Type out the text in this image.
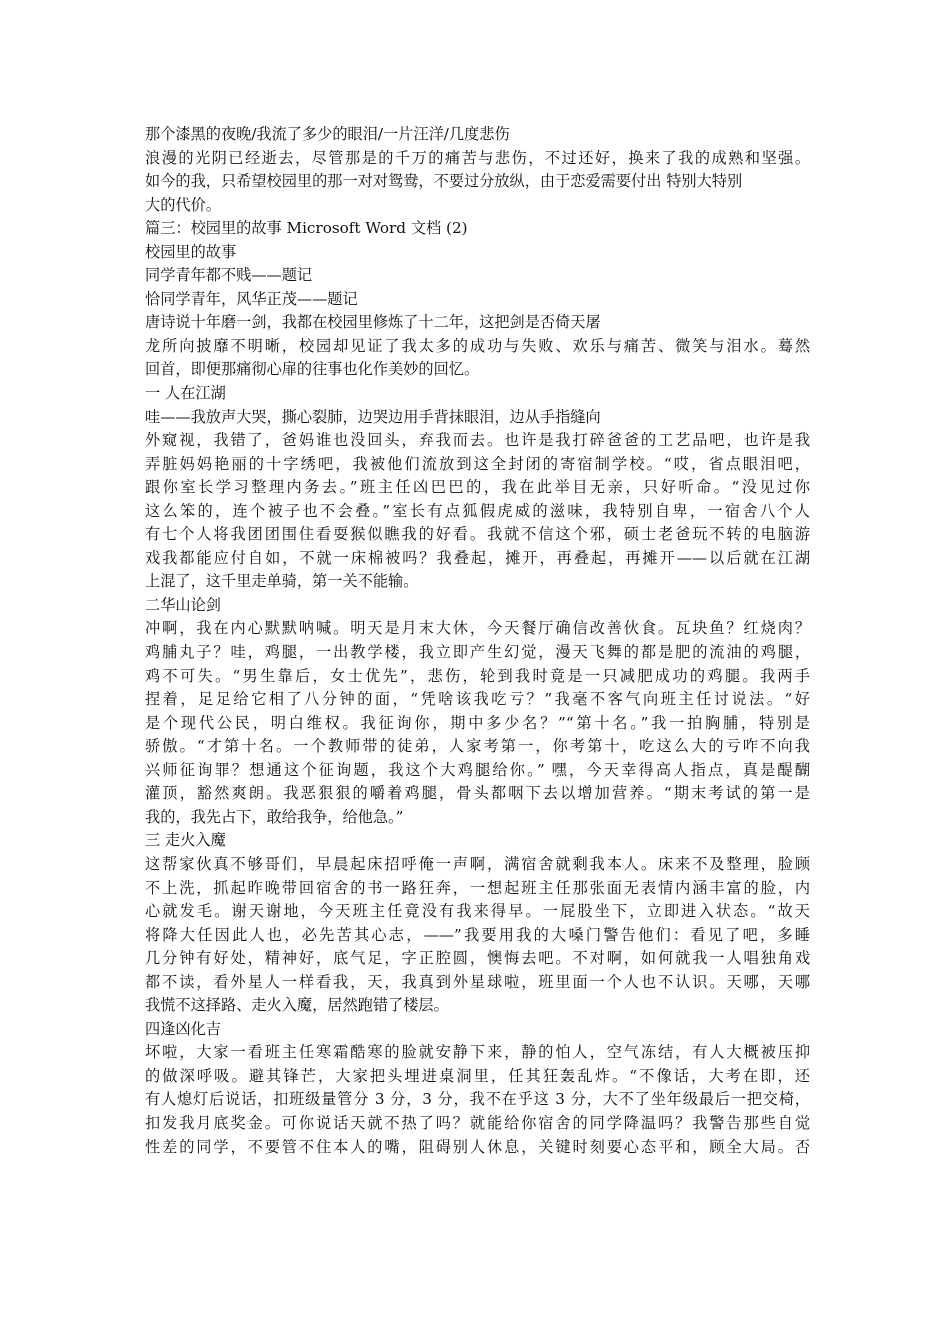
那个漆黑的夜晚/我流了多少的眼泪/一片汪洋/几度悲伤
浪漫的光阴已经逝去，尽管那是的千万的痛苦与悲伤，不过还好，换来了我的成熟和坚强。
如今的我，只希望校园里的那一对对鸳鸯，不要过分放纵，由于恋爱需要付出 特别大特别
大的代价。
篇三：校园里的故事 Microsoft Word 文档 (2)
校园里的故事
同学青年都不贱——题记
恰同学青年，风华正茂——题记
唐诗说十年磨一剑，我都在校园里修炼了十二年，这把剑是否倚天屠
龙所向披靡不明晰，校园却见证了我太多的成功与失败、欢乐与痛苦、微笑与泪水。蓦然
回首，即便那痛彻心扉的往事也化作美妙的回忆。
一 人在江湖
哇——我放声大哭，撕心裂肺，边哭边用手背抹眼泪，边从手指缝向
外窥视，我错了，爸妈谁也没回头，弃我而去。也许是我打碎爸爸的工艺品吧，也许是我
弄脏妈妈艳丽的十字绣吧，我被他们流放到这全封闭的寄宿制学校。“哎，省点眼泪吧，
跟你室长学习整理内务去。”班主任凶巴巴的，我在此举目无亲，只好听命。“没见过你
这么笨的，连个被子也不会叠。”室长有点狐假虎威的滋味，我特别自卑，一宿舍八个人
有七个人将我团团围住看耍猴似瞧我的好看。我就不信这个邪，硕士老爸玩不转的电脑游
戏我都能应付自如，不就一床棉被吗？我叠起，摊开，再叠起，再摊开——以后就在江湖
上混了，这千里走单骑，第一关不能输。
二华山论剑
冲啊，我在内心默默呐喊。明天是月末大休，今天餐厅确信改善伙食。瓦块鱼？红烧肉？
鸡脯丸子？哇，鸡腿，一出教学楼，我立即产生幻觉，漫天飞舞的都是肥的流油的鸡腿，
鸡不可失。“男生靠后，女士优先”，悲伤，轮到我时竟是一只减肥成功的鸡腿。我两手
捏着，足足给它相了八分钟的面，“凭啥该我吃亏？”我毫不客气向班主任讨说法。“好
是个现代公民，明白维权。我征询你，期中多少名？”“第十名。”我一拍胸脯，特别是
骄傲。“才第十名。一个教师带的徒弟，人家考第一，你考第十，吃这么大的亏咋不向我
兴师征询罪？想通这个征询题，我这个大鸡腿给你。” 嘿，今天幸得高人指点，真是醍醐
灌顶，豁然爽朗。我恶狠狠的嚼着鸡腿，骨头都咽下去以增加营养。“期末考试的第一是
我的，我先占下，敢给我争，给他急。”
三 走火入魔
这帮家伙真不够哥们，早晨起床招呼俺一声啊，满宿舍就剩我本人。床来不及整理，脸顾
不上洗，抓起昨晚带回宿舍的书一路狂奔，一想起班主任那张面无表情内涵丰富的脸，内
心就发毛。谢天谢地，今天班主任竟没有我来得早。一屁股坐下，立即进入状态。“故天
将降大任因此人也，必先苦其心志，——”我要用我的大嗓门警告他们：看见了吧，多睡
几分钟有好处，精神好，底气足，字正腔圆，懊悔去吧。不对啊，如何就我一人唱独角戏
都不读，看外星人一样看我，天，我真到外星球啦，班里面一个人也不认识。天哪，天哪
我慌不这择路、走火入魔，居然跑错了楼层。
四逢凶化吉
坏啦，大家一看班主任寒霜酷寒的脸就安静下来，静的怕人，空气冻结，有人大概被压抑
的做深呼吸。避其锋芒，大家把头埋进桌洞里，任其狂轰乱炸。“不像话，大考在即，还
有人熄灯后说话，扣班级量管分 3 分，3 分，我不在乎这 3 分，大不了坐年级最后一把交椅，
扣发我月底奖金。可你说话天就不热了吗？就能给你宿舍的同学降温吗？我警告那些自觉
性差的同学，不要管不住本人的嘴，阻碍别人休息，关键时刻要心态平和，顾全大局。否
